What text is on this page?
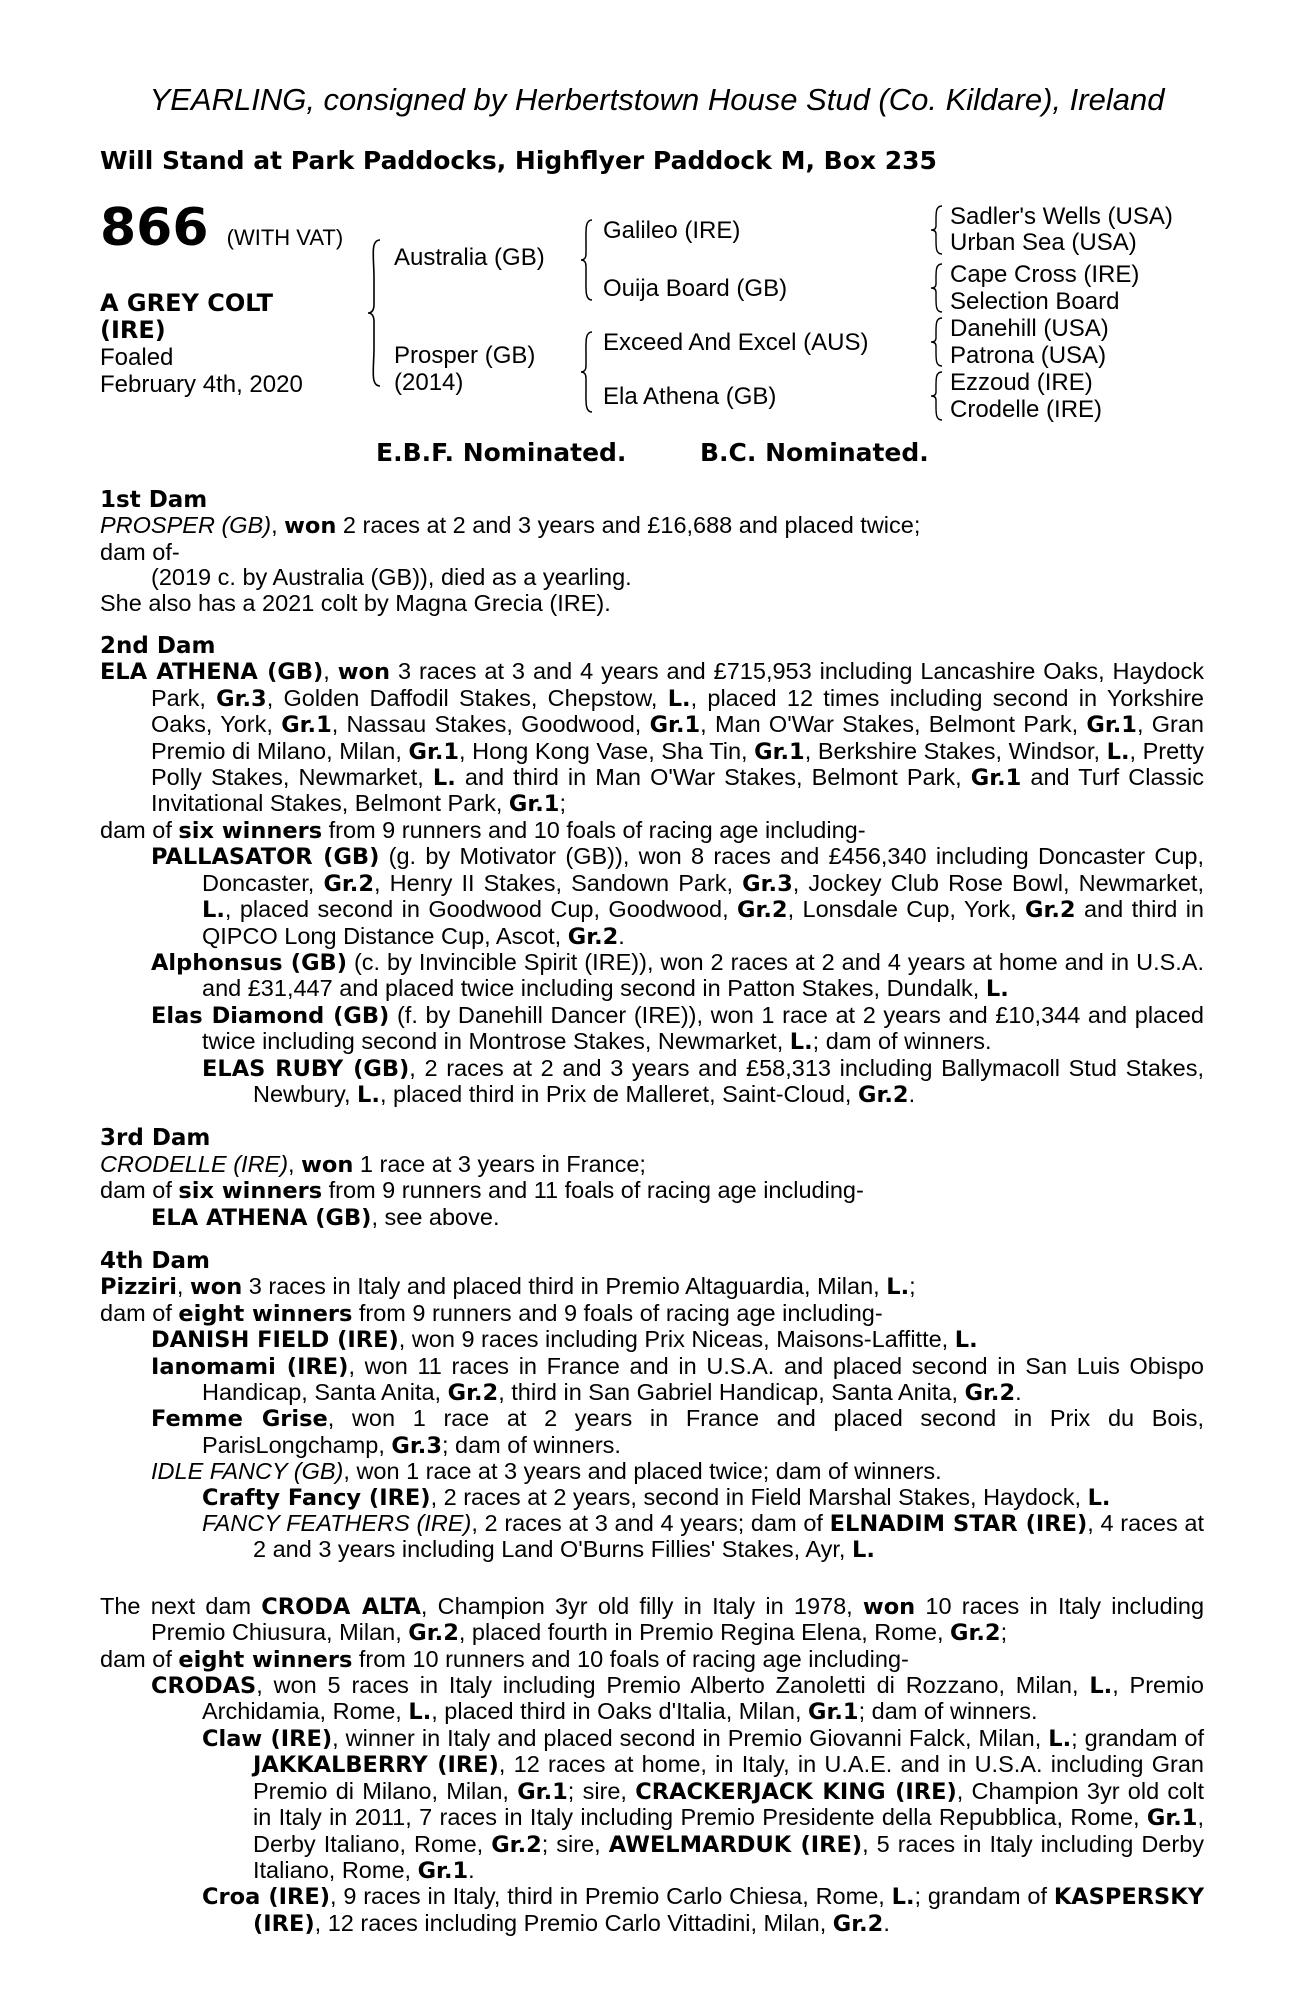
YEARLING, consigned by Herbertstown House Stud (Co. Kildare), Ireland
Will Stand at Park Paddocks, Highflyer Paddock M, Box 235
866 (WITH VAT)
A GREY COLT
(IRE)
Foaled
February 4th, 2020
Australia (GB)
Prosper (GB)
(2014)
Galileo (IRE)
Ouija Board (GB)
Exceed And Excel (AUS)
Ela Athena (GB)
Sadler's Wells (USA)
Urban Sea (USA)
Cape Cross (IRE)
Selection Board
Danehill (USA)
Patrona (USA)
Ezzoud (IRE)
Crodelle (IRE)
E.B.F. Nominated.	B.C. Nominated.
1st Dam
PROSPER (GB), won 2 races at 2 and 3 years and £16,688 and placed twice;
dam of-
(2019 c. by Australia (GB)), died as a yearling.
She also has a 2021 colt by Magna Grecia (IRE).
2nd Dam
ELA ATHENA (GB), won 3 races at 3 and 4 years and £715,953 including Lancashire Oaks, Haydock Park, Gr.3, Golden Daffodil Stakes, Chepstow, L., placed 12 times including second in Yorkshire Oaks, York, Gr.1, Nassau Stakes, Goodwood, Gr.1, Man O'War Stakes, Belmont Park, Gr.1, Gran Premio di Milano, Milan, Gr.1, Hong Kong Vase, Sha Tin, Gr.1, Berkshire Stakes, Windsor, L., Pretty Polly Stakes, Newmarket, L. and third in Man O'War Stakes, Belmont Park, Gr.1 and Turf Classic Invitational Stakes, Belmont Park, Gr.1;
dam of six winners from 9 runners and 10 foals of racing age including-
PALLASATOR (GB) (g. by Motivator (GB)), won 8 races and £456,340 including Doncaster Cup, Doncaster, Gr.2, Henry II Stakes, Sandown Park, Gr.3, Jockey Club Rose Bowl, Newmarket, L., placed second in Goodwood Cup, Goodwood, Gr.2, Lonsdale Cup, York, Gr.2 and third in QIPCO Long Distance Cup, Ascot, Gr.2.
Alphonsus (GB) (c. by Invincible Spirit (IRE)), won 2 races at 2 and 4 years at home and in U.S.A. and £31,447 and placed twice including second in Patton Stakes, Dundalk, L.
Elas Diamond (GB) (f. by Danehill Dancer (IRE)), won 1 race at 2 years and £10,344 and placed twice including second in Montrose Stakes, Newmarket, L.; dam of winners.
ELAS RUBY (GB), 2 races at 2 and 3 years and £58,313 including Ballymacoll Stud Stakes, Newbury, L., placed third in Prix de Malleret, Saint-Cloud, Gr.2.
3rd Dam
CRODELLE (IRE), won 1 race at 3 years in France;
dam of six winners from 9 runners and 11 foals of racing age including-
ELA ATHENA (GB), see above.
4th Dam
Pizziri, won 3 races in Italy and placed third in Premio Altaguardia, Milan, L.;
dam of eight winners from 9 runners and 9 foals of racing age including-
DANISH FIELD (IRE), won 9 races including Prix Niceas, Maisons-Laffitte, L.
Ianomami (IRE), won 11 races in France and in U.S.A. and placed second in San Luis Obispo Handicap, Santa Anita, Gr.2, third in San Gabriel Handicap, Santa Anita, Gr.2.
Femme Grise, won 1 race at 2 years in France and placed second in Prix du Bois, ParisLongchamp, Gr.3; dam of winners.
IDLE FANCY (GB), won 1 race at 3 years and placed twice; dam of winners.
Crafty Fancy (IRE), 2 races at 2 years, second in Field Marshal Stakes, Haydock, L.
FANCY FEATHERS (IRE), 2 races at 3 and 4 years; dam of ELNADIM STAR (IRE), 4 races at 2 and 3 years including Land O'Burns Fillies' Stakes, Ayr, L.
The next dam CRODA ALTA, Champion 3yr old filly in Italy in 1978, won 10 races in Italy including Premio Chiusura, Milan, Gr.2, placed fourth in Premio Regina Elena, Rome, Gr.2;
dam of eight winners from 10 runners and 10 foals of racing age including-
CRODAS, won 5 races in Italy including Premio Alberto Zanoletti di Rozzano, Milan, L., Premio Archidamia, Rome, L., placed third in Oaks d'Italia, Milan, Gr.1; dam of winners.
Claw (IRE), winner in Italy and placed second in Premio Giovanni Falck, Milan, L.; grandam of JAKKALBERRY (IRE), 12 races at home, in Italy, in U.A.E. and in U.S.A. including Gran Premio di Milano, Milan, Gr.1; sire, CRACKERJACK KING (IRE), Champion 3yr old colt in Italy in 2011, 7 races in Italy including Premio Presidente della Repubblica, Rome, Gr.1, Derby Italiano, Rome, Gr.2; sire, AWELMARDUK (IRE), 5 races in Italy including Derby Italiano, Rome, Gr.1.
Croa (IRE), 9 races in Italy, third in Premio Carlo Chiesa, Rome, L.; grandam of KASPERSKY (IRE), 12 races including Premio Carlo Vittadini, Milan, Gr.2.
